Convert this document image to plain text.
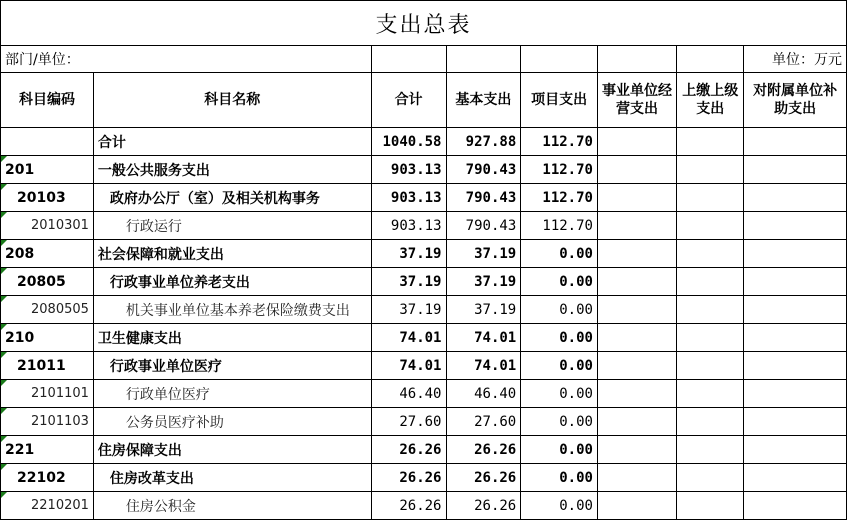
支出总表							
部门/单位：							单位：万元
科目编码	科目名称	合计	基本支出	项目支出	事业单位经营支出	上缴上级支出	对附属单位补助支出
	合计	1040.58	927.88	112.70			
201	一般公共服务支出	903.13	790.43	112.70			
20103	政府办公厅（室）及相关机构事务	903.13	790.43	112.70			
2010301	行政运行	903.13	790.43	112.70			
208	社会保障和就业支出	37.19	37.19	0.00			
20805	行政事业单位养老支出	37.19	37.19	0.00			
2080505	机关事业单位基本养老保险缴费支出	37.19	37.19	0.00			
210	卫生健康支出	74.01	74.01	0.00			
21011	行政事业单位医疗	74.01	74.01	0.00			
2101101	行政单位医疗	46.40	46.40	0.00			
2101103	公务员医疗补助	27.60	27.60	0.00			
221	住房保障支出	26.26	26.26	0.00			
22102	住房改革支出	26.26	26.26	0.00			
2210201	住房公积金	26.26	26.26	0.00			
